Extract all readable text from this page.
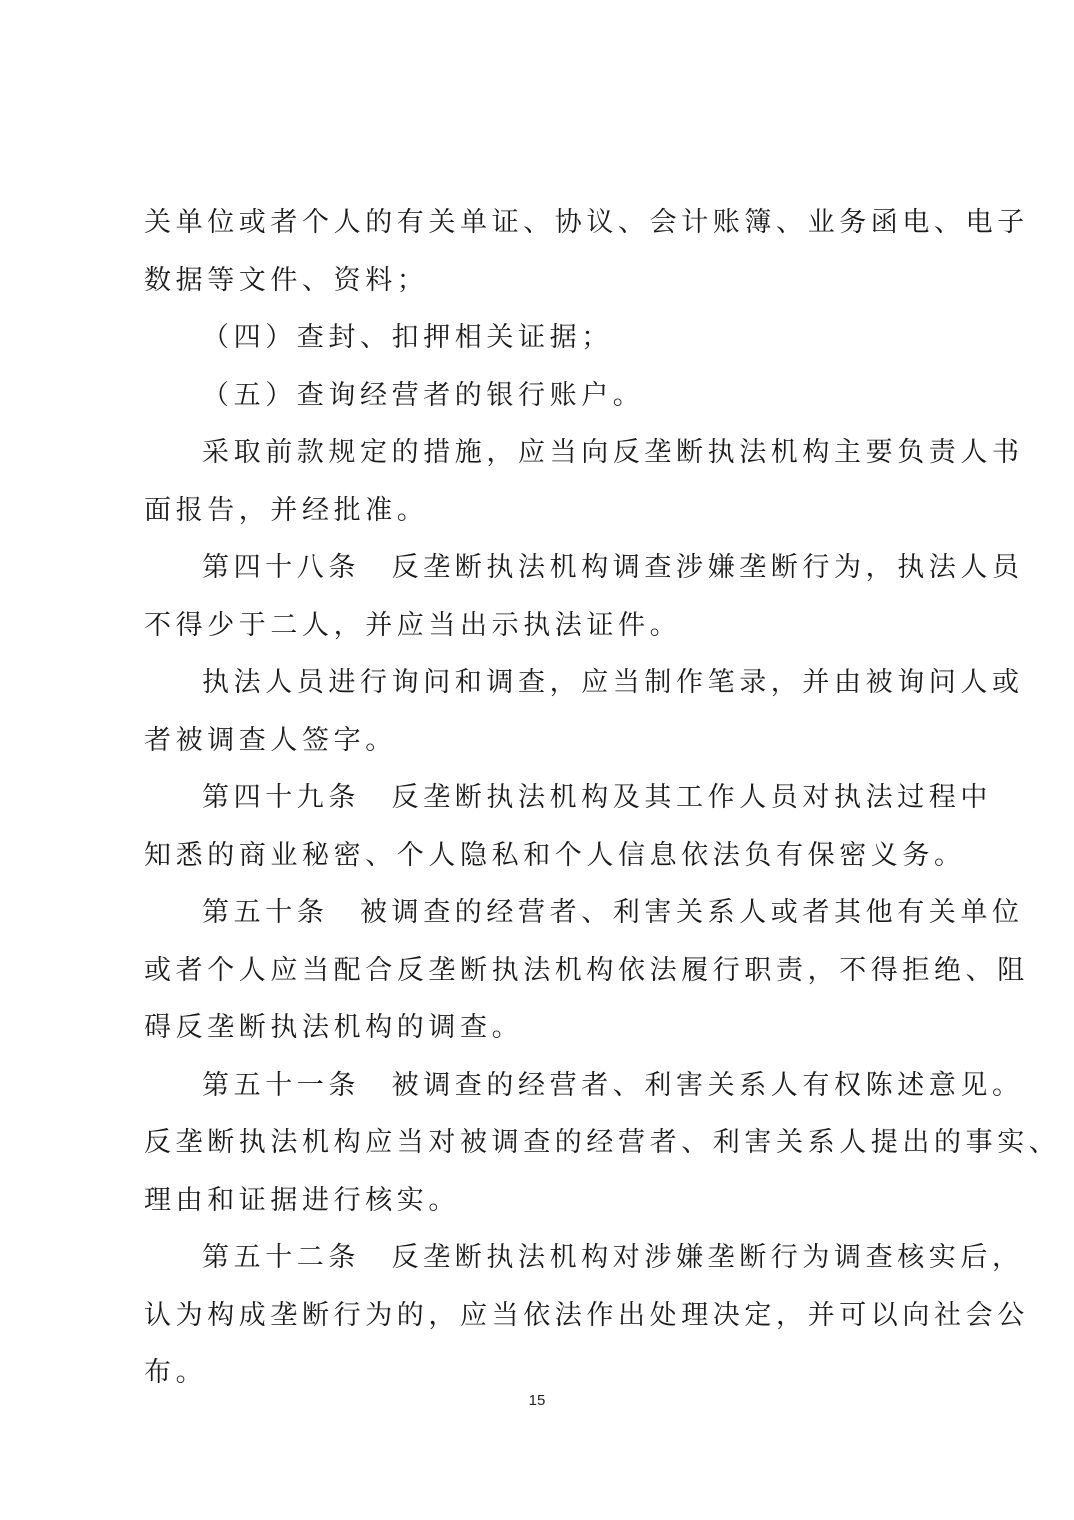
关单位或者个人的有关单证、协议、会计账簿、业务函电、电子
数据等文件、资料；
（四）查封、扣押相关证据；
（五）查询经营者的银行账户。
采取前款规定的措施，应当向反垄断执法机构主要负责人书
面报告，并经批准。
第四十八条　反垄断执法机构调查涉嫌垄断行为，执法人员
不得少于二人，并应当出示执法证件。
执法人员进行询问和调查，应当制作笔录，并由被询问人或
者被调查人签字。
第四十九条　反垄断执法机构及其工作人员对执法过程中
知悉的商业秘密、个人隐私和个人信息依法负有保密义务。
第五十条　被调查的经营者、利害关系人或者其他有关单位
或者个人应当配合反垄断执法机构依法履行职责，不得拒绝、阻
碍反垄断执法机构的调查。
第五十一条　被调查的经营者、利害关系人有权陈述意见。
反垄断执法机构应当对被调查的经营者、利害关系人提出的事实、
理由和证据进行核实。
第五十二条　反垄断执法机构对涉嫌垄断行为调查核实后，
认为构成垄断行为的，应当依法作出处理决定，并可以向社会公
布。
15
